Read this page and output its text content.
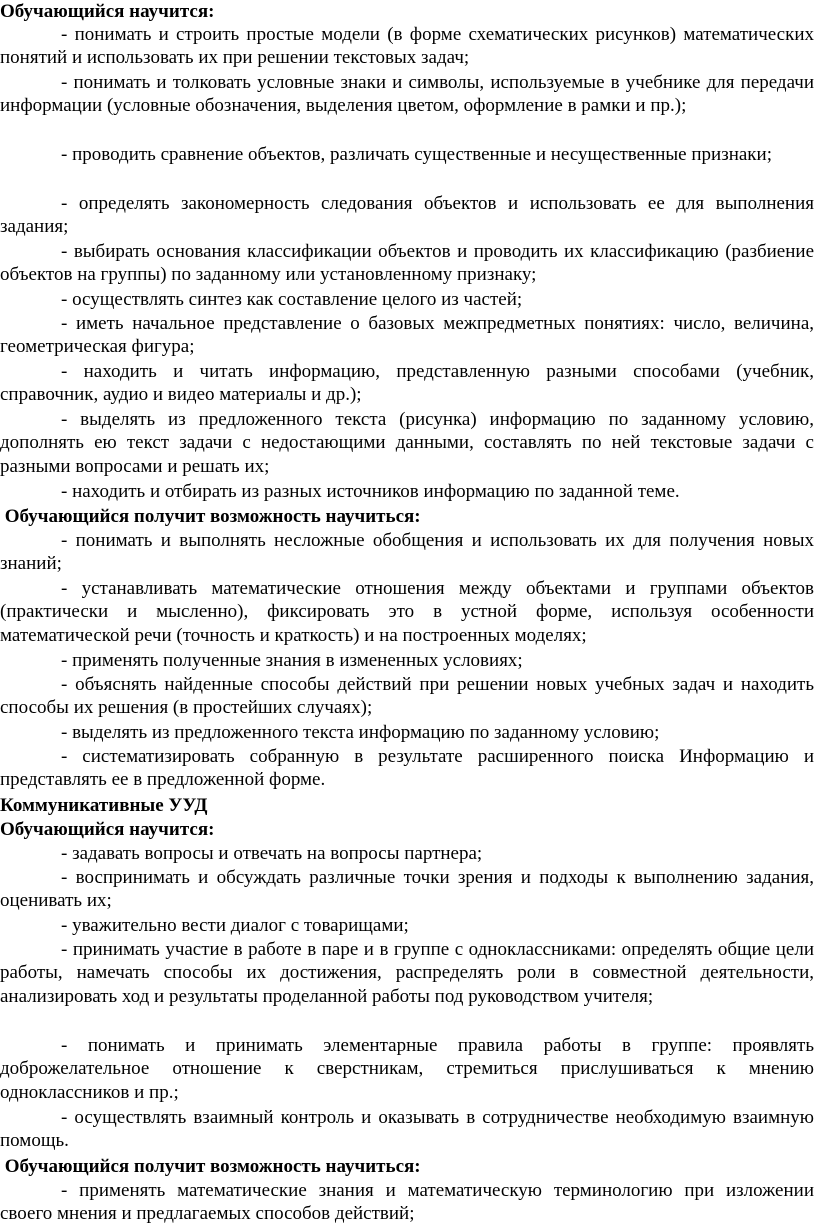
Обучающийся научится:
- понимать и строить простые модели (в форме схематических рисунков) математических понятий и использовать их при решении текстовых задач;
- понимать и толковать условные знаки и символы, используемые в учебнике для передачи информации (условные обозначения, выделения цветом, оформление в рамки и пр.);
- проводить сравнение объектов, различать существенные и несущественные признаки;
- определять закономерность следования объектов и использовать ее для выполнения задания;
- выбирать основания классификации объектов и проводить их классификацию (разбиение объектов на группы) по заданному или установленному признаку;
- осуществлять синтез как составление целого из частей;
- иметь начальное представление о базовых межпредметных понятиях: число, величина, геометрическая фигура;
- находить и читать информацию, представленную разными способами (учебник, справочник, аудио и видео материалы и др.);
- выделять из предложенного текста (рисунка) информацию по заданному условию, дополнять ею текст задачи с недостающими данными, составлять по ней текстовые задачи с разными вопросами и решать их;
- находить и отбирать из разных источников информацию по заданной теме.
Обучающийся получит возможность научиться:
- понимать и выполнять несложные обобщения и использовать их для получения новых знаний;
- устанавливать математические отношения между объектами и группами объектов (практически и мысленно), фиксировать это в устной форме, используя особенности математической речи (точность и краткость) и на построенных моделях;
- применять полученные знания в измененных условиях;
- объяснять найденные способы действий при решении новых учебных задач и находить способы их решения (в простейших случаях);
- выделять из предложенного текста информацию по заданному условию;
- систематизировать собранную в результате расширенного поиска Информацию и представлять ее в предложенной форме.
Коммуникативные УУД
Обучающийся научится:
- задавать вопросы и отвечать на вопросы партнера;
- воспринимать и обсуждать различные точки зрения и подходы к выполнению задания, оценивать их;
- уважительно вести диалог с товарищами;
- принимать участие в работе в паре и в группе с одноклассниками: определять общие цели работы, намечать способы их достижения, распределять роли в совместной деятельности, анализировать ход и результаты проделанной работы под руководством учителя;
- понимать и принимать элементарные правила работы в группе: проявлять доброжелательное отношение к сверстникам, стремиться прислушиваться к мнению одноклассников и пр.;
- осуществлять взаимный контроль и оказывать в сотрудничестве необходимую взаимную помощь.
Обучающийся получит возможность научиться:
- применять математические знания и математическую терминологию при изложении своего мнения и предлагаемых способов действий;
